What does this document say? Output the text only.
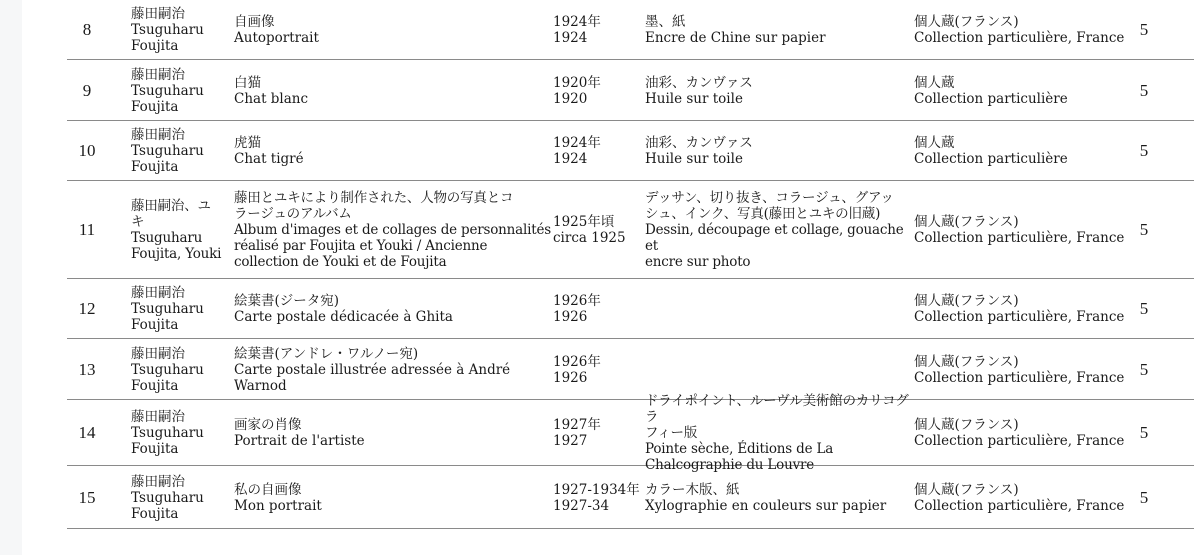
8
藤田嗣治
Tsuguharu
Foujita
自画像
Autoportrait
1924年
1924
墨、紙
Encre de Chine sur papier
個人蔵(フランス)
Collection particulière, France 5
9
藤田嗣治
Tsuguharu
Foujita
白猫
Chat blanc
1920年
1920
油彩、カンヴァス
Huile sur toile
個人蔵
Collection particulière	5
10
藤田嗣治
Tsuguharu
Foujita
虎猫
Chat tigré
1924年
1924
油彩、カンヴァス
Huile sur toile
個人蔵
Collection particulière	5
11
藤田嗣治、ユ
キ
Tsuguharu
Foujita, Youki
藤田とユキにより制作された、人物の写真とコ
ラージュのアルバム
Album d'images et de collages de personnalités
réalisé par Foujita et Youki / Ancienne
collection de Youki et de Foujita
1925年頃
circa 1925
デッサン、切り抜き、コラージュ、グアッ
シュ、インク、写真(藤田とユキの旧蔵)
Dessin, découpage et collage, gouache et
encre sur photo
個人蔵(フランス)
Collection particulière, France 5
12
藤田嗣治
Tsuguharu
Foujita
絵葉書(ジータ宛)
Carte postale dédicacée à Ghita
1926年
1926
個人蔵(フランス)
Collection particulière, France 5
13
藤田嗣治
Tsuguharu
Foujita
絵葉書(アンドレ・ワルノー宛)
Carte postale illustrée adressée à André
Warnod
1926年
1926
個人蔵(フランス)
Collection particulière, France 5
14
藤田嗣治
Tsuguharu
Foujita
画家の肖像
Portrait de l'artiste
1927年
1927
ドライポイント、ルーヴル美術館のカリコグラ
フィー版
Pointe sèche, Éditions de La
Chalcographie du Louvre
個人蔵(フランス)
Collection particulière, France 5
15
藤田嗣治
Tsuguharu
Foujita
私の自画像
Mon portrait
1927-1934年
1927-34
カラー木版、紙
Xylographie en couleurs sur papier
個人蔵(フランス)
Collection particulière, France 5
